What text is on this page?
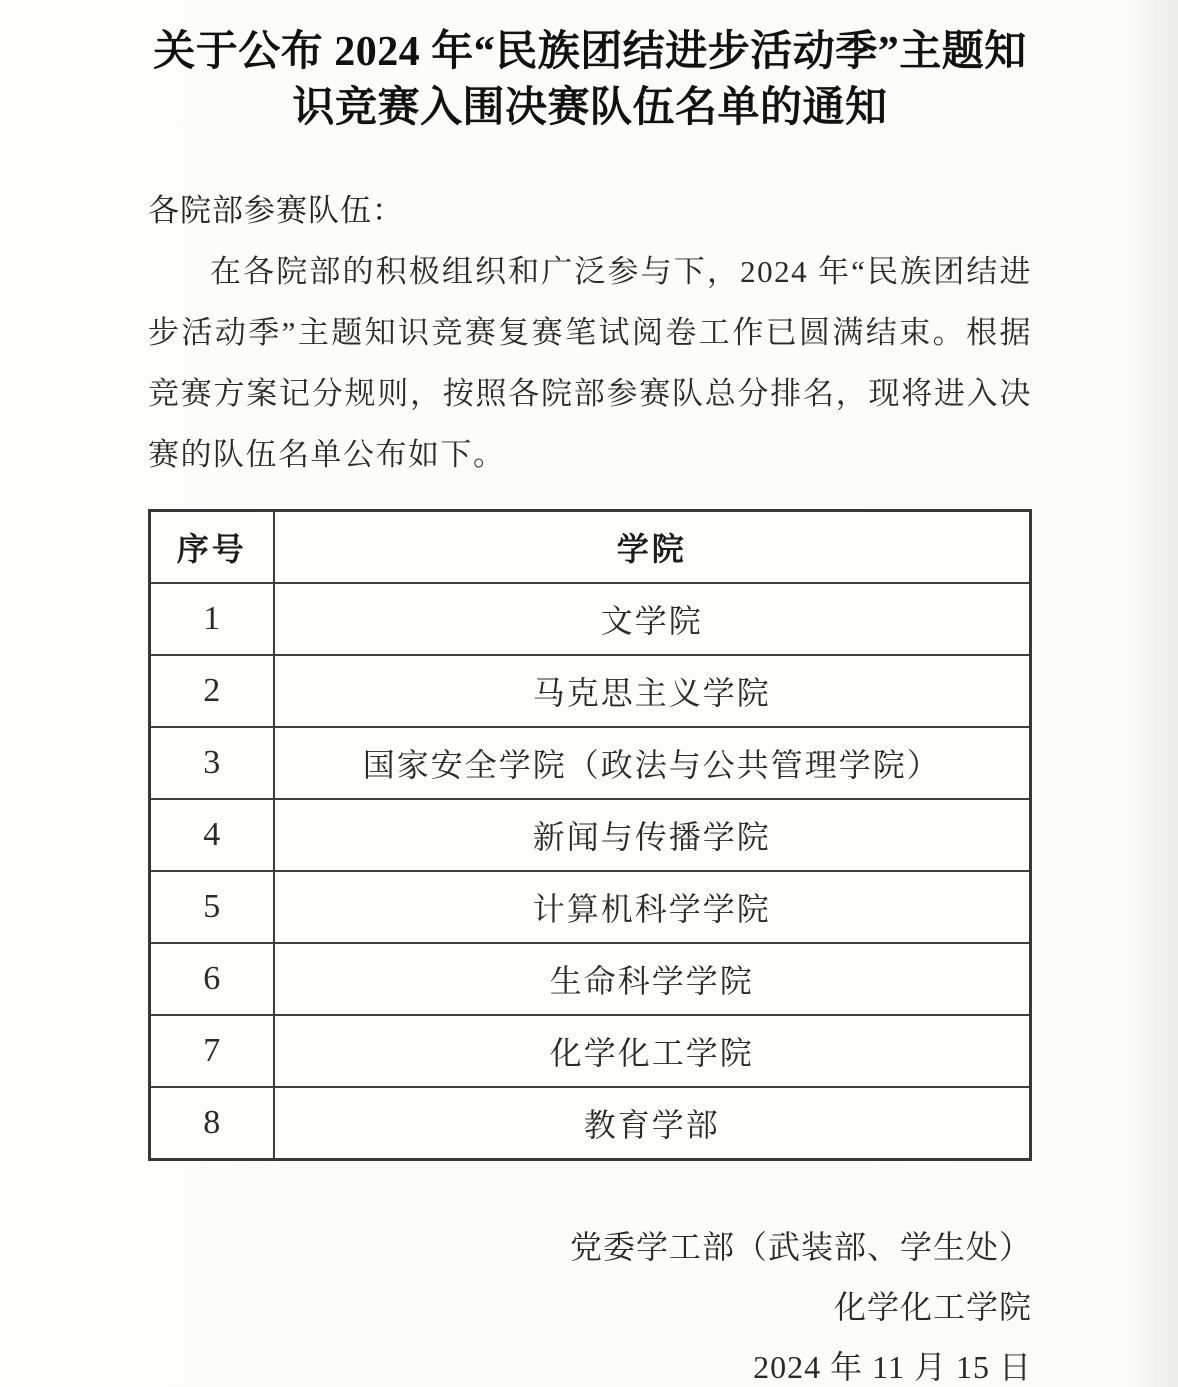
关于公布 2024 年“民族团结进步活动季”主题知
识竞赛入围决赛队伍名单的通知
各院部参赛队伍：
在各院部的积极组织和广泛参与下，2024 年“民族团结进步活动季”主题知识竞赛复赛笔试阅卷工作已圆满结束。根据竞赛方案记分规则，按照各院部参赛队总分排名，现将进入决赛的队伍名单公布如下。
序号	学院
1	文学院
2	马克思主义学院
3	国家安全学院（政法与公共管理学院）
4	新闻与传播学院
5	计算机科学学院
6	生命科学学院
7	化学化工学院
8	教育学部
党委学工部（武装部、学生处）
化学化工学院
2024 年 11 月 15 日
